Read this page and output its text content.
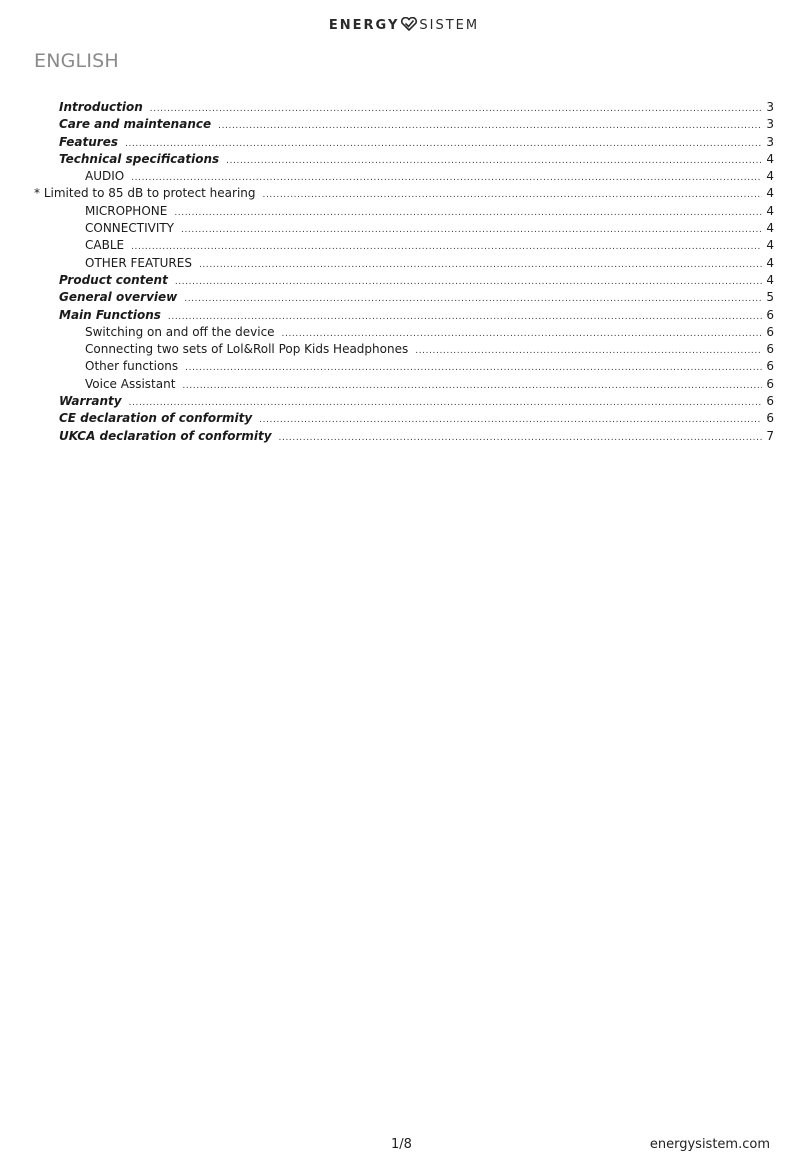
ENERGY SISTEM
ENGLISH
Introduction .....	3
Care and maintenance .....	3
Features .....	3
Technical specifications .....	4
AUDIO .....	4
* Limited to 85 dB to protect hearing .....	4
MICROPHONE .....	4
CONNECTIVITY .....	4
CABLE .....	4
OTHER FEATURES .....	4
Product content .....	4
General overview .....	5
Main Functions .....	6
Switching on and off the device .....	6
Connecting two sets of Lol&Roll Pop Kids Headphones .....	6
Other functions .....	6
Voice Assistant .....	6
Warranty .....	6
CE declaration of conformity .....	6
UKCA declaration of conformity .....	7
1/8	energysistem.com
